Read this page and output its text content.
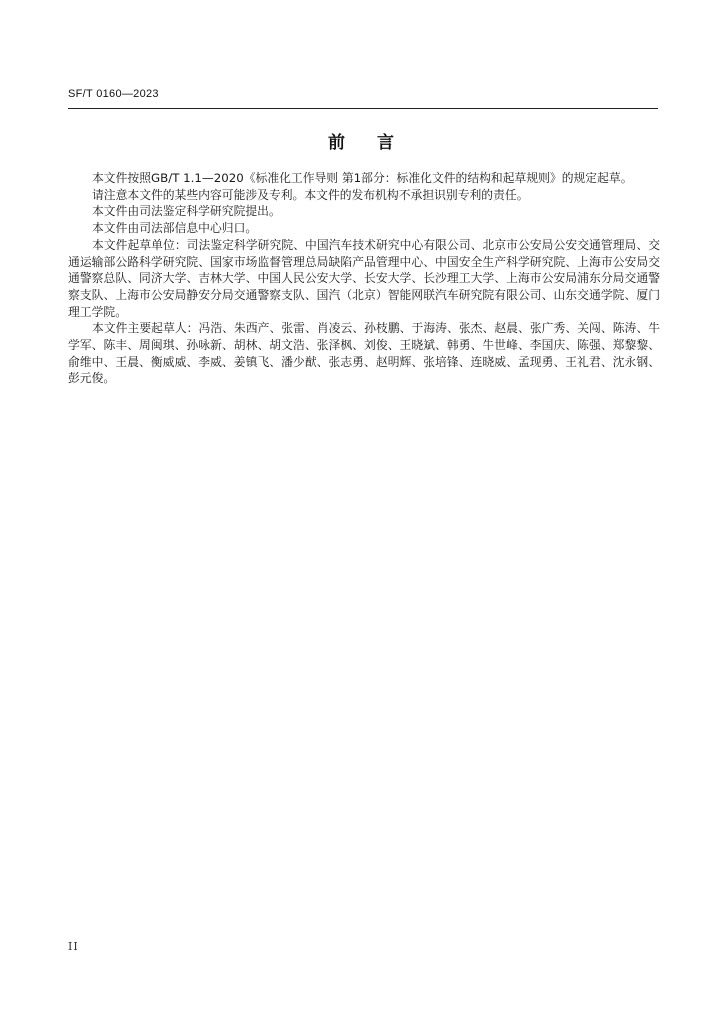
SF/T 0160—2023
前 言

本文件按照GB/T 1.1—2020《标准化工作导则 第1部分：标准化文件的结构和起草规则》的规定起草。

请注意本文件的某些内容可能涉及专利。本文件的发布机构不承担识别专利的责任。

本文件由司法鉴定科学研究院提出。

本文件由司法部信息中心归口。

本文件起草单位：司法鉴定科学研究院、中国汽车技术研究中心有限公司、北京市公安局公安交通管理局、交通运输部公路科学研究院、国家市场监督管理总局缺陷产品管理中心、中国安全生产科学研究院、上海市公安局交通警察总队、同济大学、吉林大学、中国人民公安大学、长安大学、长沙理工大学、上海市公安局浦东分局交通警察支队、上海市公安局静安分局交通警察支队、国汽（北京）智能网联汽车研究院有限公司、山东交通学院、厦门理工学院。

本文件主要起草人：冯浩、朱西产、张雷、肖凌云、孙枝鹏、于海涛、张杰、赵晨、张广秀、关闯、陈涛、牛学军、陈丰、周闽琪、孙咏新、胡林、胡文浩、张泽枫、刘俊、王晓斌、韩勇、牛世峰、李国庆、陈强、郑黎黎、俞维中、王晨、衡威威、李威、姜镇飞、潘少猷、张志勇、赵明辉、张培锋、连晓威、孟现勇、王礼君、沈永钢、彭元俊。

II
